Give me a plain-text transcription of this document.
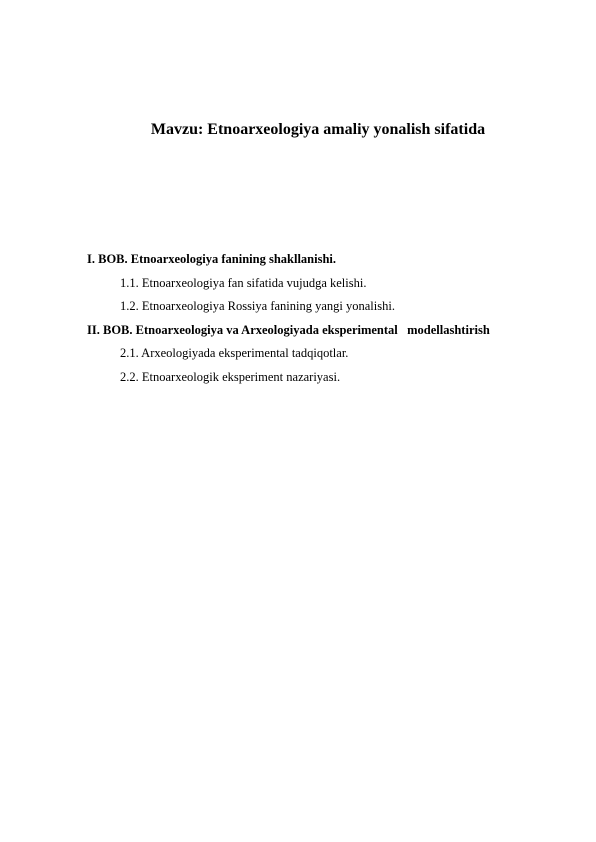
Mavzu: Etnoarxeologiya amaliy yonalish sifatida
I. BOB. Etnoarxeologiya fanining shakllanishi.
1.1. Etnoarxeologiya fan sifatida vujudga kelishi.
1.2. Etnoarxeologiya Rossiya fanining yangi yonalishi.
II. BOB. Etnoarxeologiya va Arxeologiyada eksperimental   modellashtirish
2.1. Arxeologiyada eksperimental tadqiqotlar.
2.2. Etnoarxeologik eksperiment nazariyasi.
